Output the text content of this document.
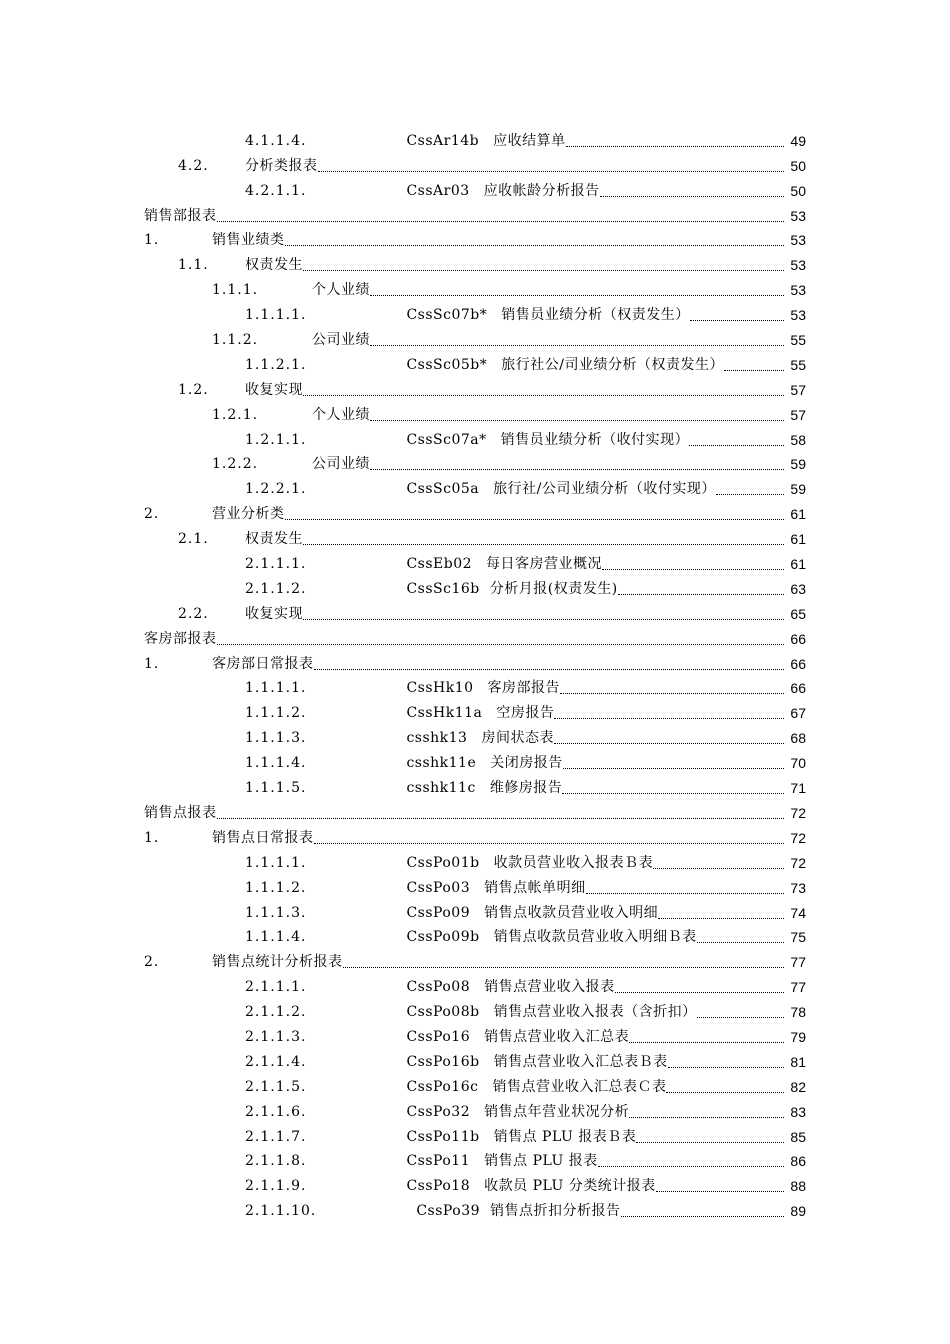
4.1.1.4.	CssAr14b 应收结算单	49
4.2.	分析类报表	50
4.2.1.1.	CssAr03 应收帐龄分析报告	50
销售部报表	53
1.	销售业绩类	53
1.1.	权责发生	53
1.1.1.	个人业绩	53
1.1.1.1.	CssSc07b* 销售员业绩分析（权责发生）	53
1.1.2.	公司业绩	55
1.1.2.1.	CssSc05b* 旅行社公/司业绩分析（权责发生）	55
1.2.	收复实现	57
1.2.1.	个人业绩	57
1.2.1.1.	CssSc07a* 销售员业绩分析（收付实现）	58
1.2.2.	公司业绩	59
1.2.2.1.	CssSc05a 旅行社/公司业绩分析（收付实现）	59
2.	营业分析类	61
2.1.	权责发生	61
2.1.1.1.	CssEb02 每日客房营业概况	61
2.1.1.2.	CssSc16b 分析月报(权责发生)	63
2.2.	收复实现	65
客房部报表	66
1.	客房部日常报表	66
1.1.1.1.	CssHk10 客房部报告	66
1.1.1.2.	CssHk11a 空房报告	67
1.1.1.3.	csshk13 房间状态表	68
1.1.1.4.	csshk11e 关闭房报告	70
1.1.1.5.	csshk11c 维修房报告	71
销售点报表	72
1.	销售点日常报表	72
1.1.1.1.	CssPo01b 收款员营业收入报表Ｂ表	72
1.1.1.2.	CssPo03 销售点帐单明细	73
1.1.1.3.	CssPo09 销售点收款员营业收入明细	74
1.1.1.4.	CssPo09b 销售点收款员营业收入明细Ｂ表	75
2.	销售点统计分析报表	77
2.1.1.1.	CssPo08 销售点营业收入报表	77
2.1.1.2.	CssPo08b 销售点营业收入报表（含折扣）	78
2.1.1.3.	CssPo16 销售点营业收入汇总表	79
2.1.1.4.	CssPo16b 销售点营业收入汇总表Ｂ表	81
2.1.1.5.	CssPo16c 销售点营业收入汇总表Ｃ表	82
2.1.1.6.	CssPo32 销售点年营业状况分析	83
2.1.1.7.	CssPo11b 销售点 PLU 报表Ｂ表	85
2.1.1.8.	CssPo11 销售点 PLU 报表	86
2.1.1.9.	CssPo18 收款员 PLU 分类统计报表	88
2.1.1.10.	CssPo39 销售点折扣分析报告	89
